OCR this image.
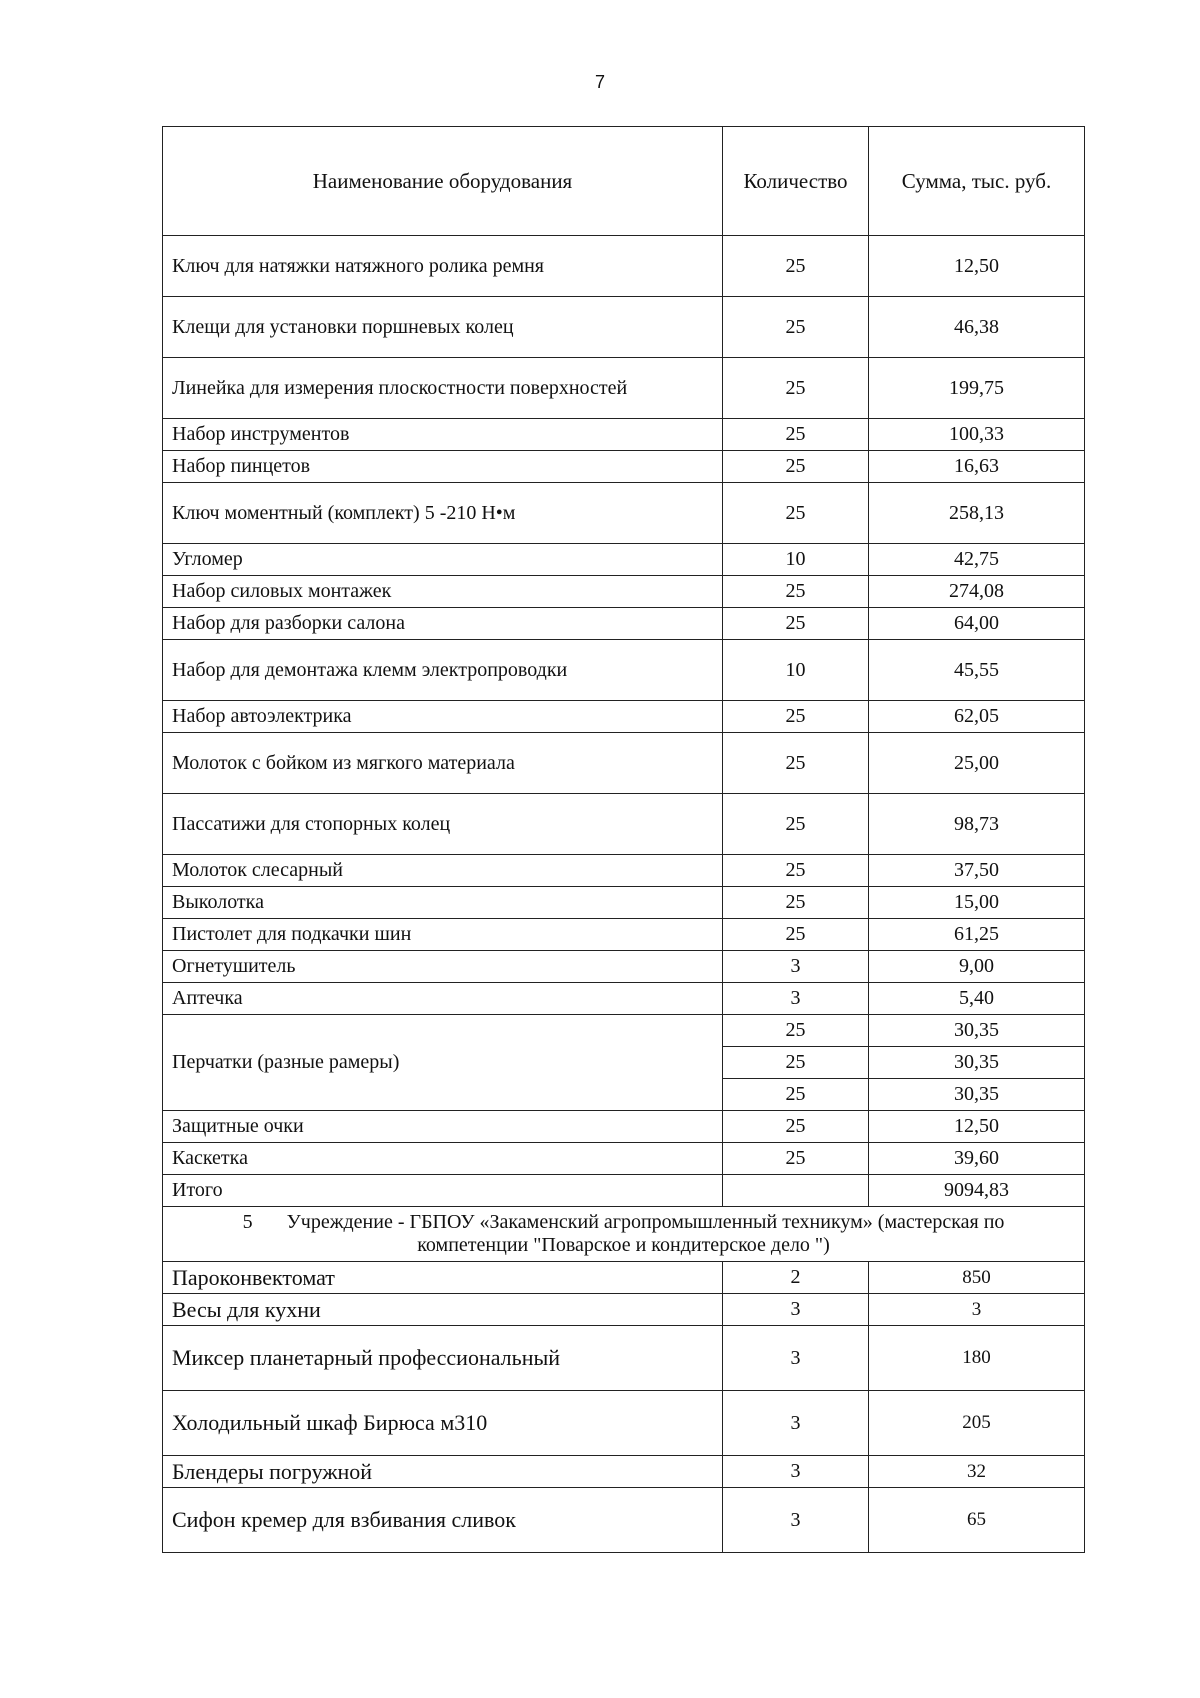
7
Наименование оборудования	Количество	Сумма, тыс. руб.
Ключ для натяжки натяжного ролика ремня	25	12,50
Клещи для установки поршневых колец	25	46,38
Линейка для измерения плоскостности поверхностей	25	199,75
Набор инструментов	25	100,33
Набор пинцетов	25	16,63
Ключ моментный (комплект) 5 -210 Н•м	25	258,13
Угломер	10	42,75
Набор силовых монтажек	25	274,08
Набор для разборки салона	25	64,00
Набор для демонтажа клемм электропроводки	10	45,55
Набор автоэлектрика	25	62,05
Молоток с бойком из мягкого материала	25	25,00
Пассатижи для стопорных колец	25	98,73
Молоток слесарный	25	37,50
Выколотка	25	15,00
Пистолет для подкачки шин	25	61,25
Огнетушитель	3	9,00
Аптечка	3	5,40
Перчатки (разные рамеры)	25	30,35
	25	30,35
	25	30,35
Защитные очки	25	12,50
Каскетка	25	39,60
Итого		9094,83
5 Учреждение - ГБПОУ «Закаменский агропромышленный техникум» (мастерская по
компетенции "Поварское и кондитерское дело ")		
Пароконвектомат	2	850
Весы для кухни	3	3
Миксер планетарный профессиональный	3	180
Холодильный шкаф Бирюса м310	3	205
Блендеры погружной	3	32
Сифон кремер для взбивания сливок	3	65
